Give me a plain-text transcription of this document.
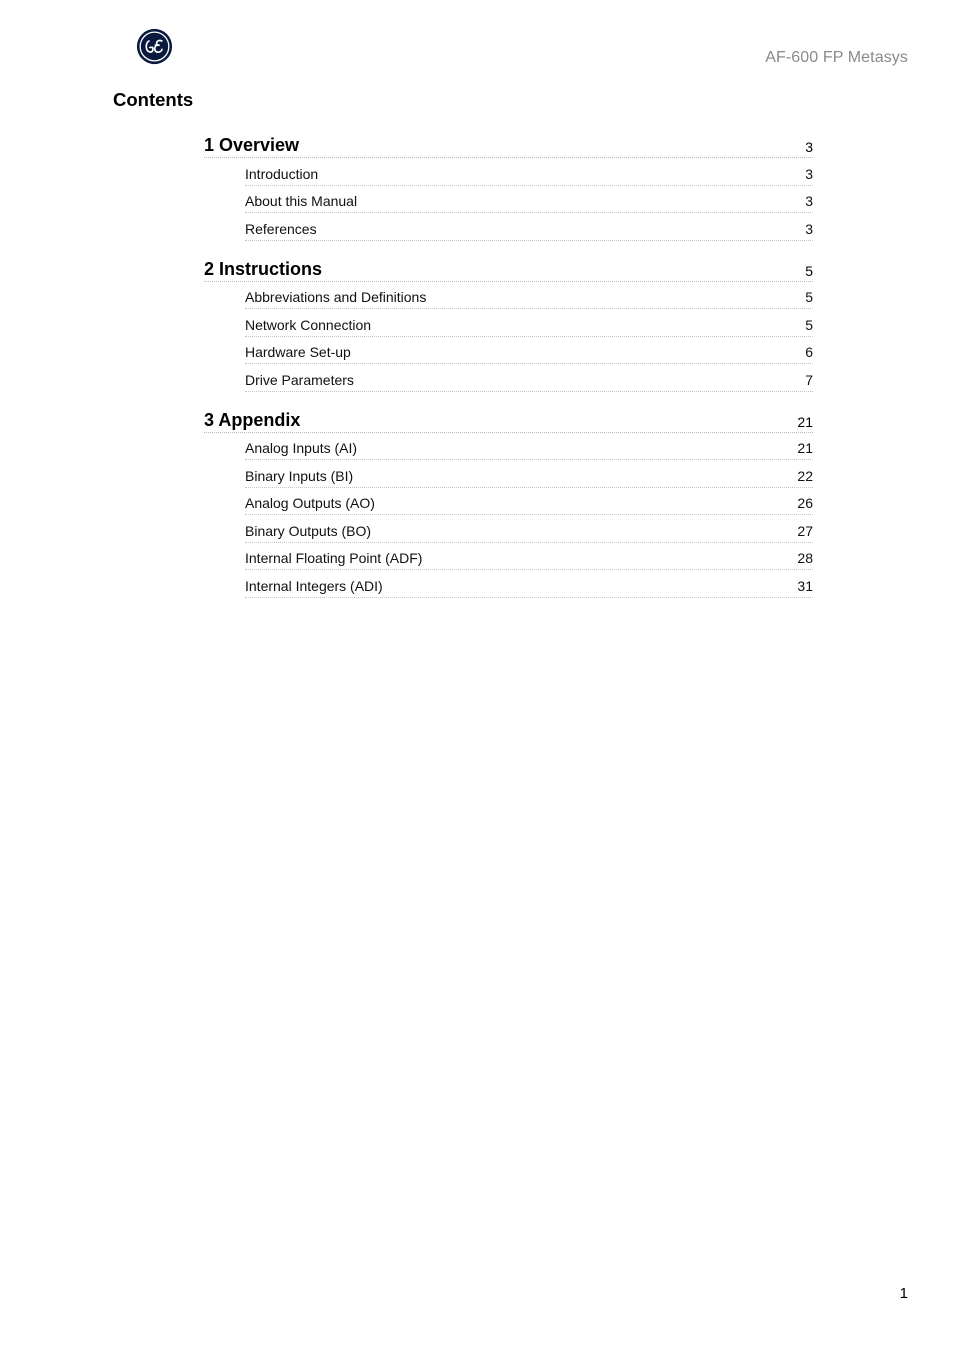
AF-600 FP Metasys
Contents
1 Overview	3
Introduction	3
About this Manual	3
References	3
2 Instructions	5
Abbreviations and Definitions	5
Network Connection	5
Hardware Set-up	6
Drive Parameters	7
3 Appendix	21
Analog Inputs (AI)	21
Binary Inputs (BI)	22
Analog Outputs (AO)	26
Binary Outputs (BO)	27
Internal Floating Point (ADF)	28
Internal Integers (ADI)	31
1
